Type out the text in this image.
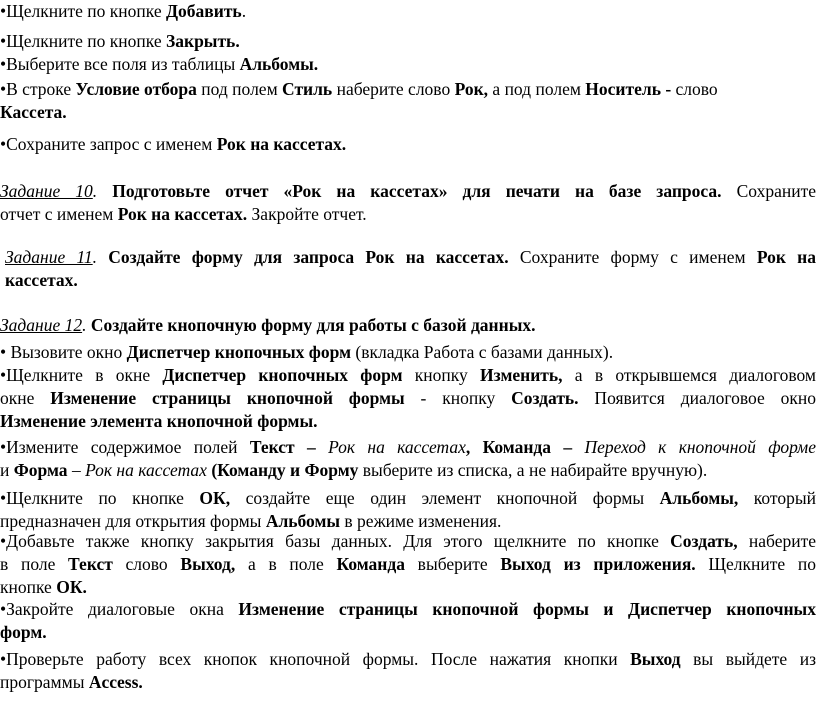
•Щелкните по кнопке Добавить.
•Щелкните по кнопке Закрыть.
•Выберите все поля из таблицы Альбомы.
•В строке Условие отбора под полем Стиль наберите слово Рок, а под полем Носитель - слово
Кассета.
•Сохраните запрос с именем Рок на кассетах.
Задание 10. Подготовьте отчет «Рок на кассетах» для печати на базе запроса. Сохраните
отчет с именем Рок на кассетах. Закройте отчет.
Задание 11. Создайте форму для запроса Рок на кассетах. Сохраните форму с именем Рок на
кассетах.
Задание 12. Создайте кнопочную форму для работы с базой данных.
• Вызовите окно Диспетчер кнопочных форм (вкладка Работа с базами данных).
•Щелкните в окне Диспетчер кнопочных форм кнопку Изменить, а в открывшемся диалоговом
окне Изменение страницы кнопочной формы - кнопку Создать. Появится диалоговое окно
Изменение элемента кнопочной формы.
•Измените содержимое полей Текст – Рок на кассетах, Команда – Переход к кнопочной форме
и Форма – Рок на кассетах (Команду и Форму выберите из списка, а не набирайте вручную).
•Щелкните по кнопке ОК, создайте еще один элемент кнопочной формы Альбомы, который
предназначен для открытия формы Альбомы в режиме изменения.
•Добавьте также кнопку закрытия базы данных. Для этого щелкните по кнопке Создать, наберите
в поле Текст слово Выход, а в поле Команда выберите Выход из приложения. Щелкните по
кнопке ОК.
•Закройте диалоговые окна Изменение страницы кнопочной формы и Диспетчер кнопочных
форм.
•Проверьте работу всех кнопок кнопочной формы. После нажатия кнопки Выход вы выйдете из
программы Access.
